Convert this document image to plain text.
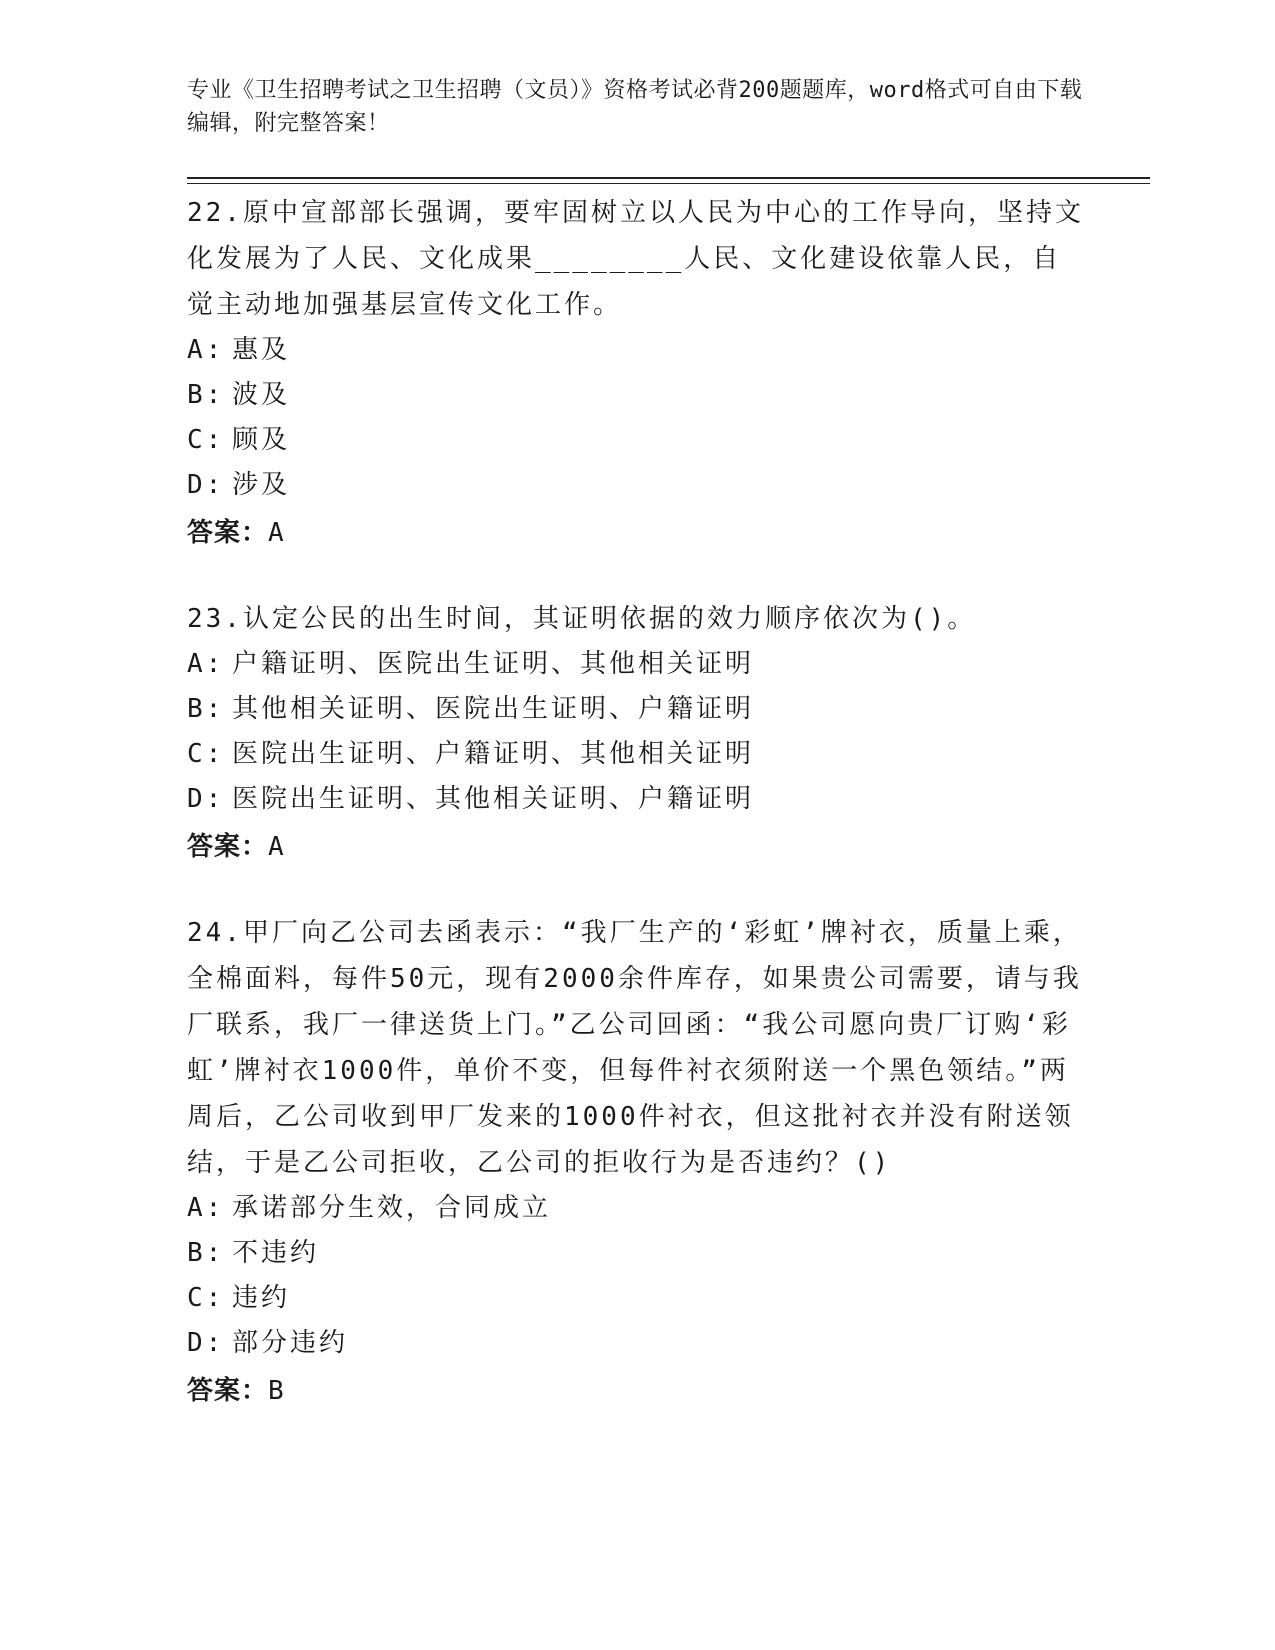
专业《卫生招聘考试之卫生招聘（文员）》资格考试必背200题题库，word格式可自由下载编辑，附完整答案！
22.原中宣部部长强调，要牢固树立以人民为中心的工作导向，坚持文化发展为了人民、文化成果________人民、文化建设依靠人民，自觉主动地加强基层宣传文化工作。
A: 惠及
B: 波及
C: 顾及
D: 涉及
答案：A
23.认定公民的出生时间，其证明依据的效力顺序依次为()。
A: 户籍证明、医院出生证明、其他相关证明
B: 其他相关证明、医院出生证明、户籍证明
C: 医院出生证明、户籍证明、其他相关证明
D: 医院出生证明、其他相关证明、户籍证明
答案：A
24.甲厂向乙公司去函表示：“我厂生产的‘彩虹’牌衬衣，质量上乘，全棉面料，每件50元，现有2000余件库存，如果贵公司需要，请与我厂联系，我厂一律送货上门。”乙公司回函：“我公司愿向贵厂订购‘彩虹’牌衬衣1000件，单价不变，但每件衬衣须附送一个黑色领结。”两周后，乙公司收到甲厂发来的1000件衬衣，但这批衬衣并没有附送领结，于是乙公司拒收，乙公司的拒收行为是否违约？()
A: 承诺部分生效，合同成立
B: 不违约
C: 违约
D: 部分违约
答案：B
